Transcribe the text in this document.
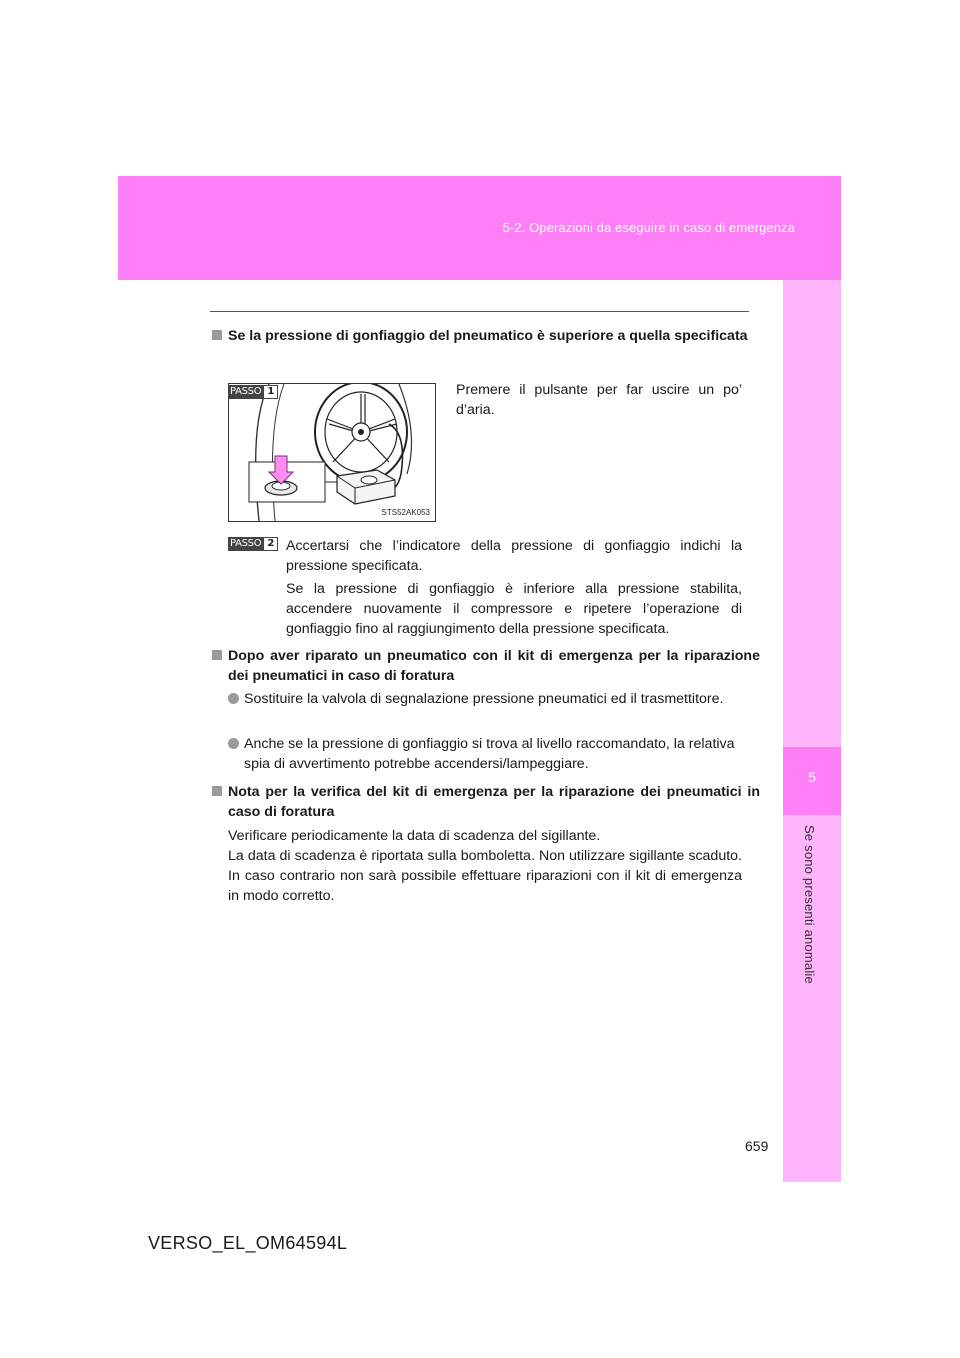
5-2. Operazioni da eseguire in caso di emergenza
5
Se sono presenti anomalie
Se la pressione di gonfiaggio del pneumatico è superiore a quella specificata
STS52AK053
PASSO 1	Premere il pulsante per far uscire un po’ d’aria.
PASSO 2 Accertarsi che l’indicatore della pressione di gonfiaggio indichi la pressione specificata.
Se la pressione di gonfiaggio è inferiore alla pressione stabilita, accendere nuovamente il compressore e ripetere l’operazione di gonfiaggio fino al raggiungimento della pressione specificata.
Dopo aver riparato un pneumatico con il kit di emergenza per la riparazione dei pneumatici in caso di foratura
Sostituire la valvola di segnalazione pressione pneumatici ed il trasmettitore.
Anche se la pressione di gonfiaggio si trova al livello raccomandato, la relativa spia di avvertimento potrebbe accendersi/lampeggiare.
Nota per la verifica del kit di emergenza per la riparazione dei pneumatici in caso di foratura
Verificare periodicamente la data di scadenza del sigillante.
La data di scadenza è riportata sulla bomboletta. Non utilizzare sigillante scaduto. In caso contrario non sarà possibile effettuare riparazioni con il kit di emergenza in modo corretto.
659
VERSO_EL_OM64594L
